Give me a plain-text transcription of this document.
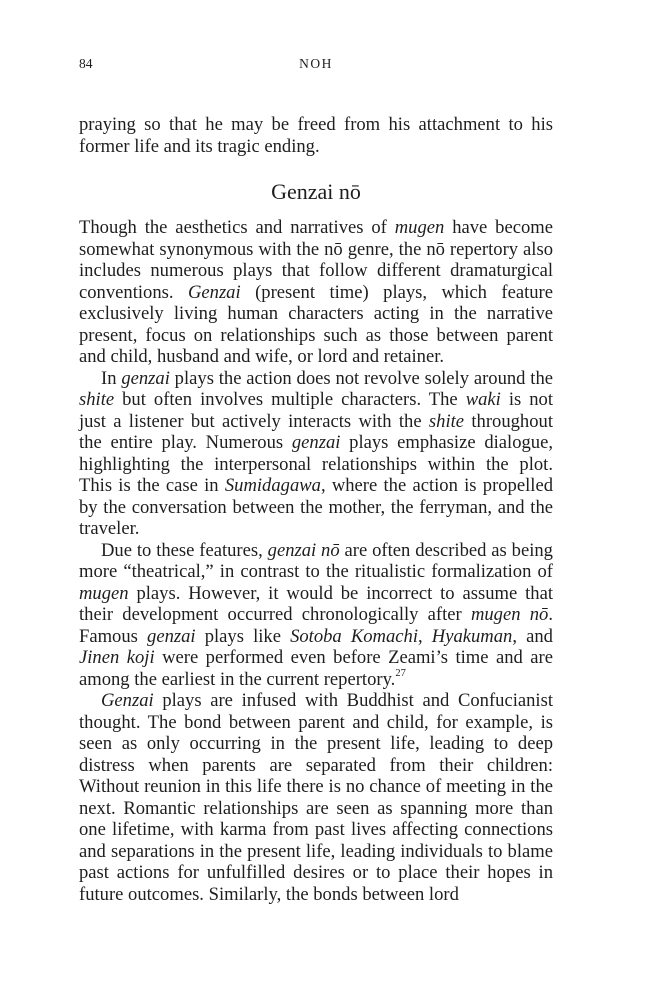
84	NOH

praying so that he may be freed from his attachment to his former life and its tragic ending.

Genzai nō

Though the aesthetics and narratives of mugen have become somewhat synonymous with the nō genre, the nō repertory also includes numerous plays that follow different dramaturgical conventions. Genzai (present time) plays, which feature exclusively living human characters acting in the narrative present, focus on relationships such as those between parent and child, husband and wife, or lord and retainer.

In genzai plays the action does not revolve solely around the shite but often involves multiple characters. The waki is not just a listener but actively interacts with the shite throughout the entire play. Numerous genzai plays emphasize dialogue, highlighting the interpersonal relationships within the plot. This is the case in Sumidagawa, where the action is propelled by the conversation between the mother, the ferryman, and the traveler.

Due to these features, genzai nō are often described as being more “theatrical,” in contrast to the ritualistic formalization of mugen plays. However, it would be incorrect to assume that their development occurred chronologically after mugen nō. Famous genzai plays like Sotoba Komachi, Hyakuman, and Jinen koji were performed even before Zeami’s time and are among the earliest in the current repertory.$^{27}$

Genzai plays are infused with Buddhist and Confucianist thought. The bond between parent and child, for example, is seen as only occurring in the present life, leading to deep distress when parents are separated from their children: Without reunion in this life there is no chance of meeting in the next. Romantic relationships are seen as spanning more than one lifetime, with karma from past lives affecting connections and separations in the present life, leading individuals to blame past actions for unfulfilled desires or to place their hopes in future outcomes. Similarly, the bonds between lord
